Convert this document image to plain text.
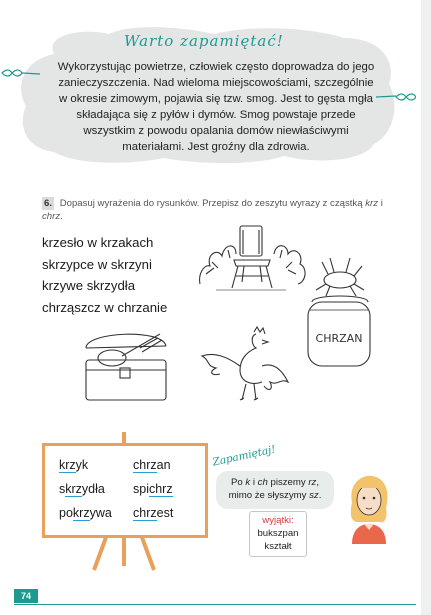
Warto zapamiętać!
Wykorzystując powietrze, człowiek często doprowadza do jego zanieczyszczenia. Nad wieloma miejscowościami, szczególnie w okresie zimowym, pojawia się tzw. smog. Jest to gęsta mgła składająca się z pyłów i dymów. Smog powstaje przede wszystkim z powodu opalania domów niewłaściwymi materiałami. Jest groźny dla zdrowia.
6. Dopasuj wyrażenia do rysunków. Przepisz do zeszytu wyrazy z cząstką krz i chrz.
krzesło w krzakach
skrzypce w skrzyni
krzywe skrzydła
chrząszcz w chrzanie
CHRZAN
krzyk
skrzydła
pokrzywa
chrzan
spichrz
chrzest
Zapamiętaj!
Po k i ch piszemy rz,
mimo że słyszymy sz.
wyjątki:
bukszpan
kształt
74
